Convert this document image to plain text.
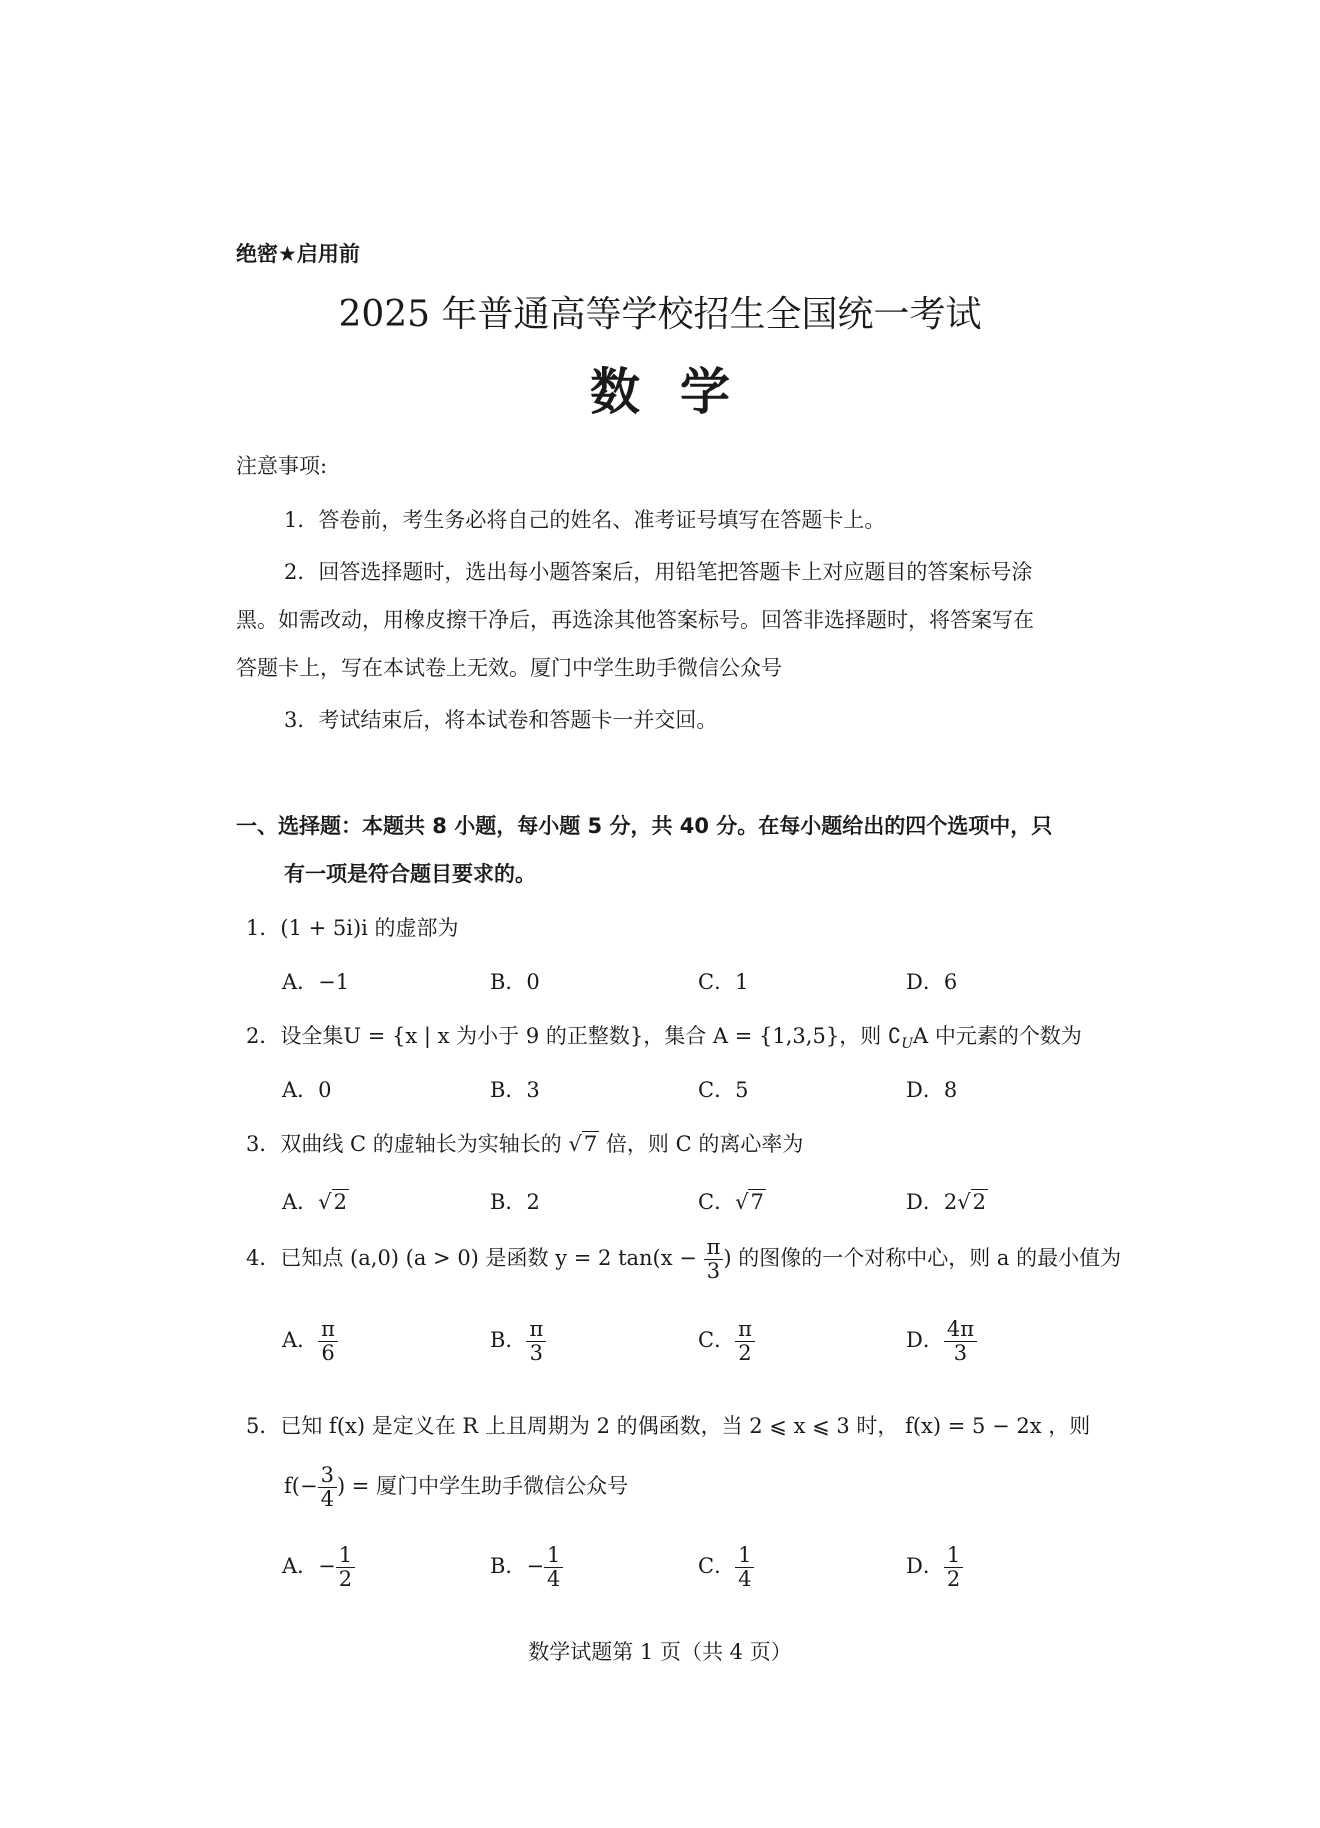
绝密★启用前
2025 年普通高等学校招生全国统一考试
数学
注意事项:
1．答卷前，考生务必将自己的姓名、准考证号填写在答题卡上。
2．回答选择题时，选出每小题答案后，用铅笔把答题卡上对应题目的答案标号涂
黑。如需改动，用橡皮擦干净后，再选涂其他答案标号。回答非选择题时，将答案写在
答题卡上，写在本试卷上无效。厦门中学生助手微信公众号
3．考试结束后，将本试卷和答题卡一并交回。
一、选择题：本题共 8 小题，每小题 5 分，共 40 分。在每小题给出的四个选项中，只
有一项是符合题目要求的。
1．(1 + 5i)i 的虚部为
A．−1	B．0	C．1	D．6
2．设全集U = {x | x 为小于 9 的正整数}，集合 A = {1,3,5}，则 $∁_UA$ 中元素的个数为
A．0	B．3	C．5	D．8
3．双曲线 C 的虚轴长为实轴长的 √7 倍，则 C 的离心率为
A．√2	B．2	C．√7	D．2√2
4．已知点 (a,0) (a > 0) 是函数 y = 2 $\tan(x - \frac{\pi}{3}$ ) 的图像的一个对称中心，则 a 的最小值为
A． $\frac{\pi}{6}$	B． $\frac{\pi}{3}$	C． $\frac{\pi}{2}$	D． $\frac{4\pi}{3}$
5．已知 f(x) 是定义在 R 上且周期为 2 的偶函数，当 2 ⩽ x ⩽ 3 时， f(x) = 5 − 2x ，则
$f(- \frac{3}{4}$ ) = 厦门中学生助手微信公众号
A．− $\frac{1}{2}$	B．− $\frac{1}{4}$	C． $\frac{1}{4}$	D． $\frac{1}{2}$
数学试题第 1 页（共 4 页）
